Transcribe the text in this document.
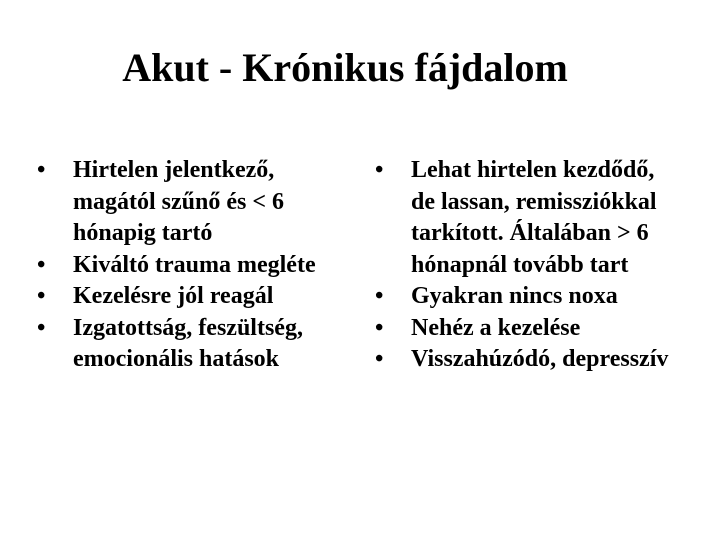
Akut - Krónikus fájdalom
•	Hirtelen jelentkező, magától szűnő és < 6 hónapig tartó
•	Kiváltó trauma megléte
•	Kezelésre jól reagál
•	Izgatottság, feszültség, emocionális hatások
•	Lehat hirtelen kezdődő, de lassan, remissziókkal tarkított. Általában > 6 hónapnál tovább tart
•	Gyakran nincs noxa
•	Nehéz a kezelése
•	Visszahúzódó, depresszív
